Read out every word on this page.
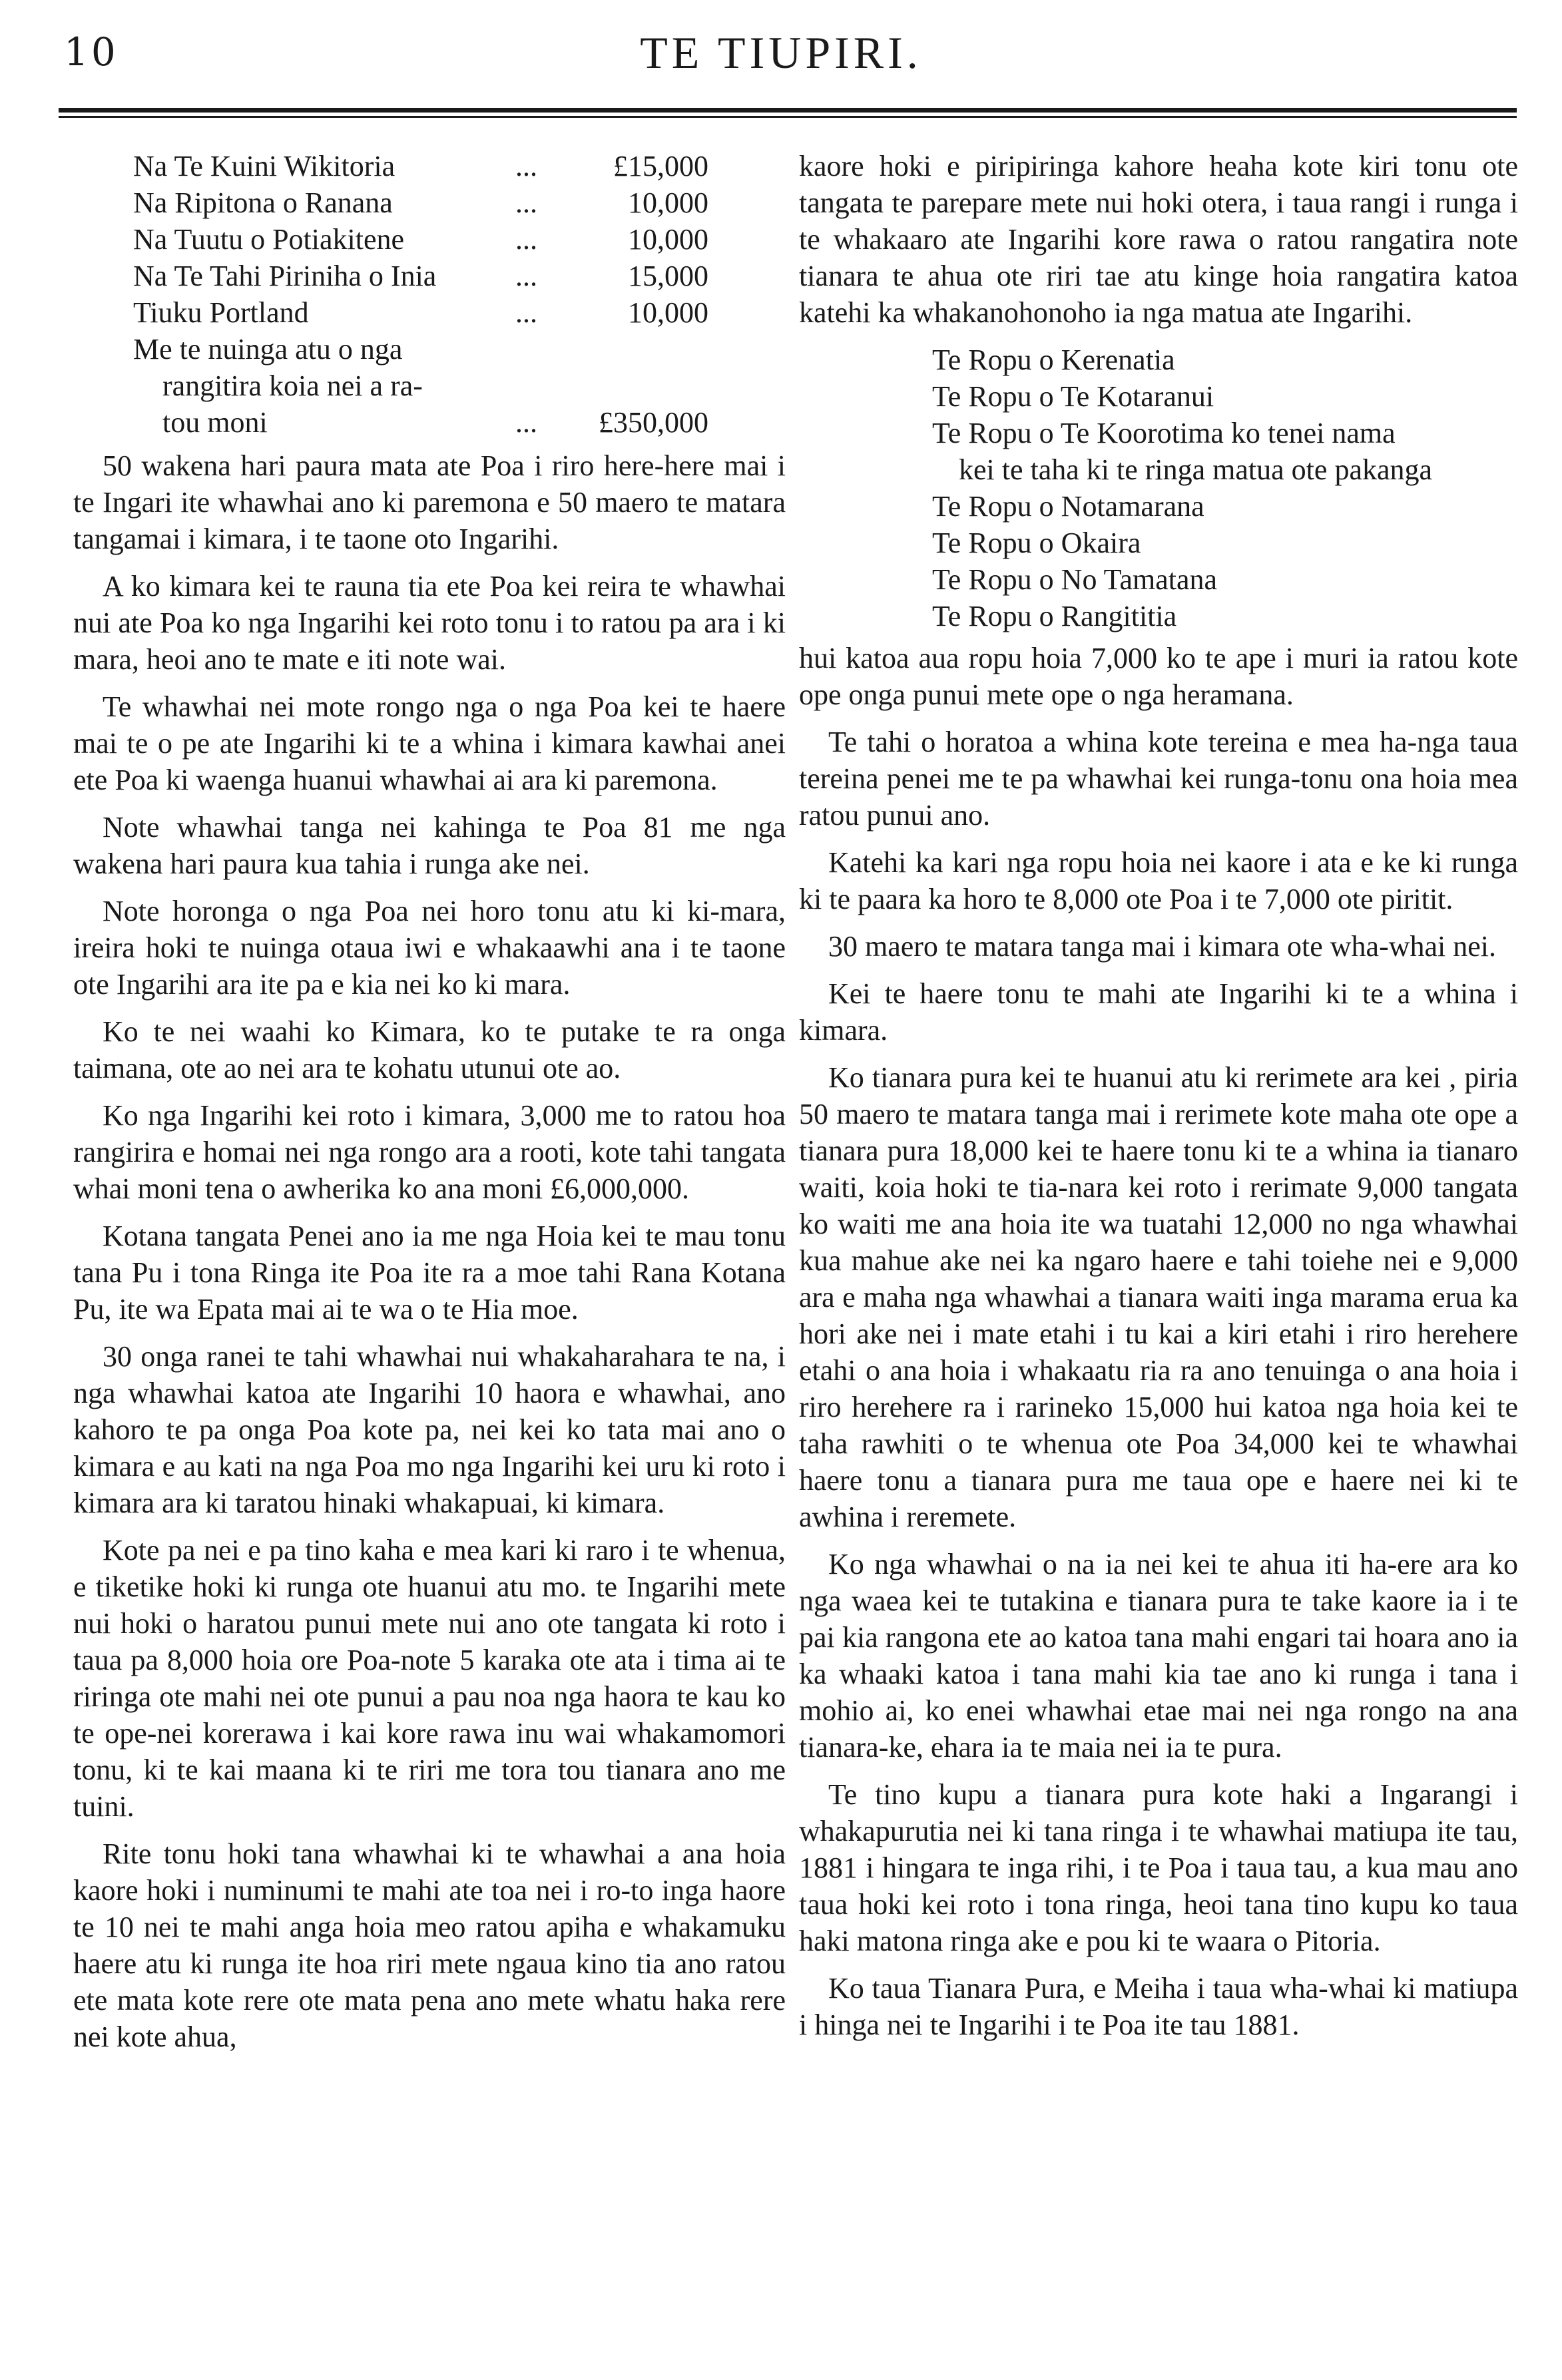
10	TE TIUPIRI.
Na Te Kuini Wikitoria	...	£15,000
Na Ripitona o Ranana	...	10,000
Na Tuutu o Potiakitene	...	10,000
Na Te Tahi Piriniha o Inia	...	15,000
Tiuku Portland	...	10,000
Me te nuinga atu o nga		
rangitira koia nei a ra-		
tou moni	...	£350,000

50 wakena hari paura mata ate Poa i riro here-here mai i te Ingari ite whawhai ano ki paremona e 50 maero te matara tangamai i kimara, i te taone oto Ingarihi.

A ko kimara kei te rauna tia ete Poa kei reira te whawhai nui ate Poa ko nga Ingarihi kei roto tonu i to ratou pa ara i ki mara, heoi ano te mate e iti note wai.

Te whawhai nei mote rongo nga o nga Poa kei te haere mai te o pe ate Ingarihi ki te a whina i kimara kawhai anei ete Poa ki waenga huanui whawhai ai ara ki paremona.

Note whawhai tanga nei kahinga te Poa 81 me nga wakena hari paura kua tahia i runga ake nei.

Note horonga o nga Poa nei horo tonu atu ki ki-mara, ireira hoki te nuinga otaua iwi e whakaawhi ana i te taone ote Ingarihi ara ite pa e kia nei ko ki mara.

Ko te nei waahi ko Kimara, ko te putake te ra onga taimana, ote ao nei ara te kohatu utunui ote ao.

Ko nga Ingarihi kei roto i kimara, 3,000 me to ratou hoa rangirira e homai nei nga rongo ara a rooti, kote tahi tangata whai moni tena o awherika ko ana moni £6,000,000.

Kotana tangata Penei ano ia me nga Hoia kei te mau tonu tana Pu i tona Ringa ite Poa ite ra a moe tahi Rana Kotana Pu, ite wa Epata mai ai te wa o te Hia moe.

30 onga ranei te tahi whawhai nui whakaharahara te na, i nga whawhai katoa ate Ingarihi 10 haora e whawhai, ano kahoro te pa onga Poa kote pa, nei kei ko tata mai ano o kimara e au kati na nga Poa mo nga Ingarihi kei uru ki roto i kimara ara ki taratou hinaki whakapuai, ki kimara.

Kote pa nei e pa tino kaha e mea kari ki raro i te whenua, e tiketike hoki ki runga ote huanui atu mo. te Ingarihi mete nui hoki o haratou punui mete nui ano ote tangata ki roto i taua pa 8,000 hoia ore Poa-note 5 karaka ote ata i tima ai te riringa ote mahi nei ote punui a pau noa nga haora te kau ko te ope-nei korerawa i kai kore rawa inu wai whakamomori tonu, ki te kai maana ki te riri me tora tou tianara ano me tuini.

Rite tonu hoki tana whawhai ki te whawhai a ana hoia kaore hoki i numinumi te mahi ate toa nei i ro-to inga haore te 10 nei te mahi anga hoia meo ratou apiha e whakamuku haere atu ki runga ite hoa riri mete ngaua kino tia ano ratou ete mata kote rere ote mata pena ano mete whatu haka rere nei kote ahua,

kaore hoki e piripiringa kahore heaha kote kiri tonu ote tangata te parepare mete nui hoki otera, i taua rangi i runga i te whakaaro ate Ingarihi kore rawa o ratou rangatira note tianara te ahua ote riri tae atu kinge hoia rangatira katoa katehi ka whakanohonoho ia nga matua ate Ingarihi.

Te Ropu o Kerenatia
Te Ropu o Te Kotaranui
Te Ropu o Te Koorotima ko tenei nama
kei te taha ki te ringa matua ote pakanga
Te Ropu o Notamarana
Te Ropu o Okaira
Te Ropu o No Tamatana
Te Ropu o Rangititia

hui katoa aua ropu hoia 7,000 ko te ape i muri ia ratou kote ope onga punui mete ope o nga heramana.

Te tahi o horatoa a whina kote tereina e mea ha-nga taua tereina penei me te pa whawhai kei runga-tonu ona hoia mea ratou punui ano.

Katehi ka kari nga ropu hoia nei kaore i ata e ke ki runga ki te paara ka horo te 8,000 ote Poa i te 7,000 ote piritit.

30 maero te matara tanga mai i kimara ote wha-whai nei.

Kei te haere tonu te mahi ate Ingarihi ki te a whina i kimara.

Ko tianara pura kei te huanui atu ki rerimete ara kei , piria 50 maero te matara tanga mai i rerimete kote maha ote ope a tianara pura 18,000 kei te haere tonu ki te a whina ia tianaro waiti, koia hoki te tia-nara kei roto i rerimate 9,000 tangata ko waiti me ana hoia ite wa tuatahi 12,000 no nga whawhai kua mahue ake nei ka ngaro haere e tahi toiehe nei e 9,000 ara e maha nga whawhai a tianara waiti inga marama erua ka hori ake nei i mate etahi i tu kai a kiri etahi i riro herehere etahi o ana hoia i whakaatu ria ra ano tenuinga o ana hoia i riro herehere ra i rarineko 15,000 hui katoa nga hoia kei te taha rawhiti o te whenua ote Poa 34,000 kei te whawhai haere tonu a tianara pura me taua ope e haere nei ki te awhina i reremete.

Ko nga whawhai o na ia nei kei te ahua iti ha-ere ara ko nga waea kei te tutakina e tianara pura te take kaore ia i te pai kia rangona ete ao katoa tana mahi engari tai hoara ano ia ka whaaki katoa i tana mahi kia tae ano ki runga i tana i mohio ai, ko enei whawhai etae mai nei nga rongo na ana tianara-ke, ehara ia te maia nei ia te pura.

Te tino kupu a tianara pura kote haki a Ingarangi i whakapurutia nei ki tana ringa i te whawhai matiupa ite tau, 1881 i hingara te inga rihi, i te Poa i taua tau, a kua mau ano taua hoki kei roto i tona ringa, heoi tana tino kupu ko taua haki matona ringa ake e pou ki te waara o Pitoria.

Ko taua Tianara Pura, e Meiha i taua wha-whai ki matiupa i hinga nei te Ingarihi i te Poa ite tau 1881.
